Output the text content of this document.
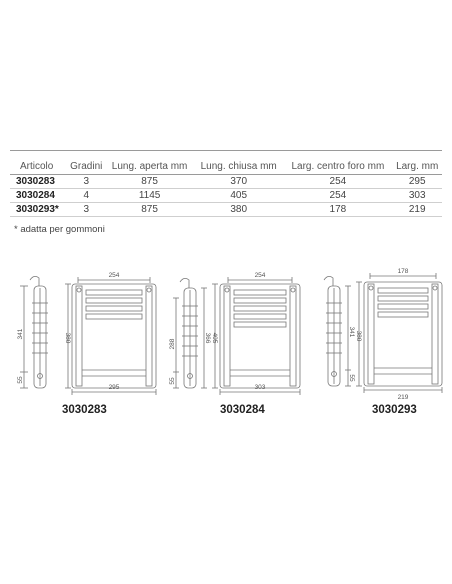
Articolo	Gradini	Lung. aperta mm	Lung. chiusa mm	Larg. centro foro mm	Larg. mm
3030283	3	875	370	254	295
3030284	4	1145	405	254	303
3030293*	3	875	380	178	219
* adatta per gommoni
341
55
254
380
295
288
55
366
254
405
303
341
55
178
380
219
3030283	3030284	3030293
